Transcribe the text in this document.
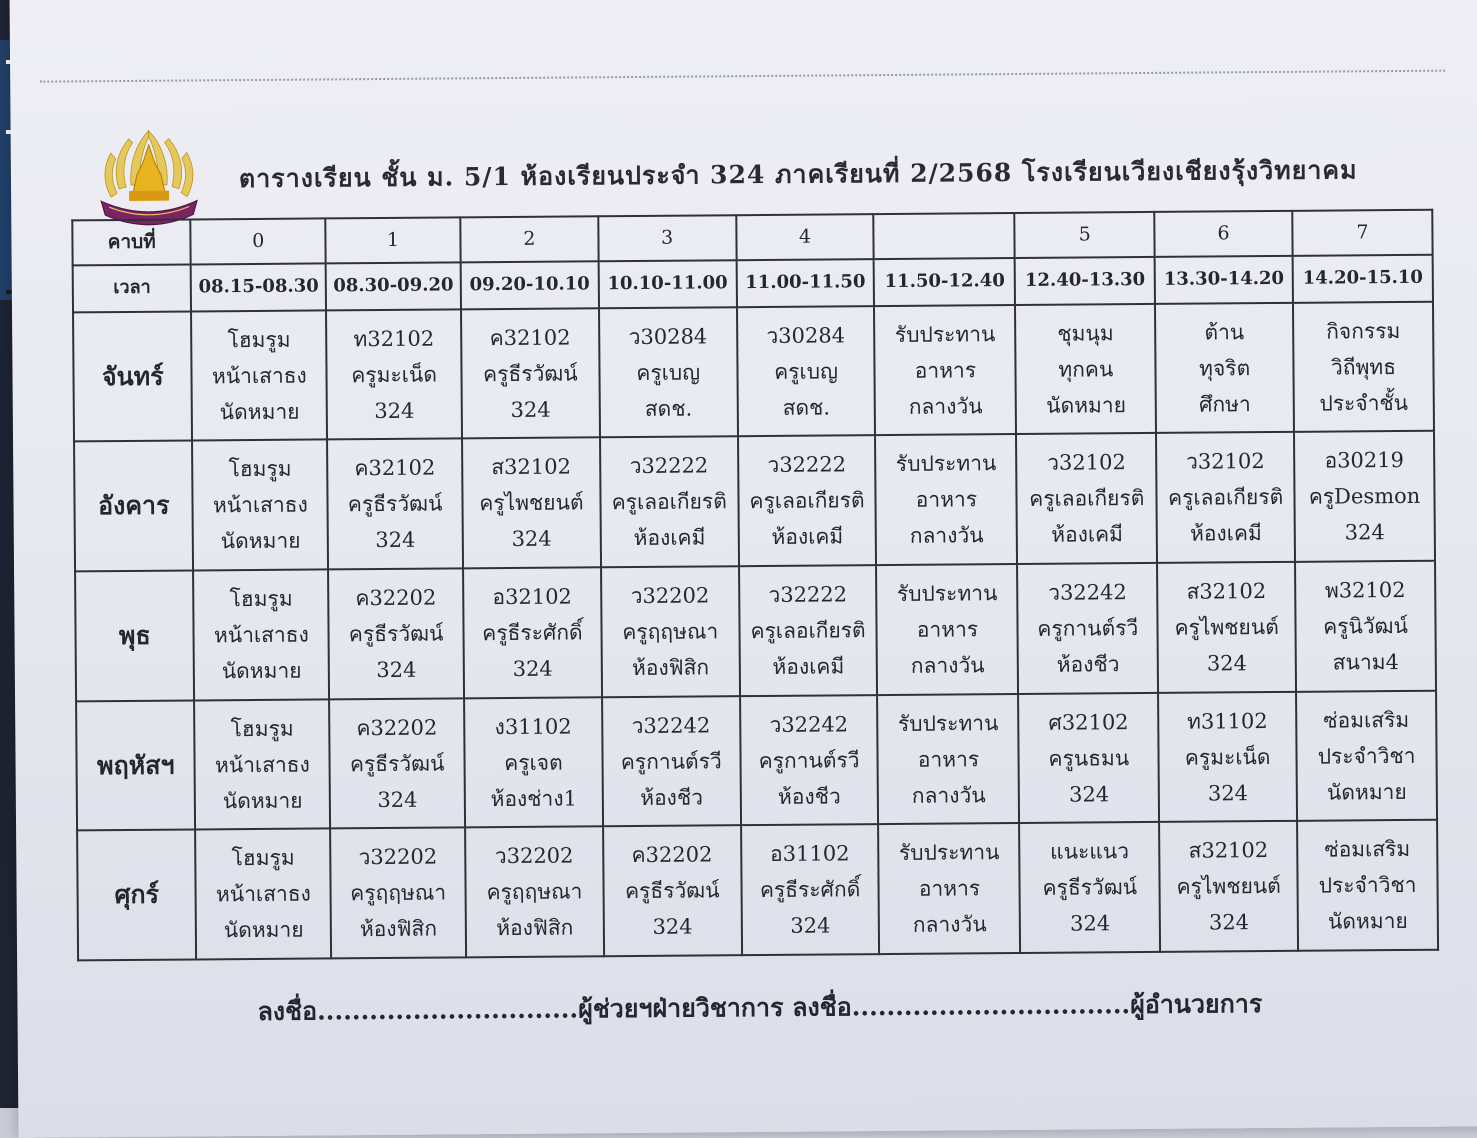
ตารางเรียน ชั้น ม. 5/1 ห้องเรียนประจำ 324 ภาคเรียนที่ 2/2568 โรงเรียนเวียงเชียงรุ้งวิทยาคม
คาบที่	0	1	2	3	4		5	6	7
เวลา	08.15-08.30	08.30-09.20	09.20-10.10	10.10-11.00	11.00-11.50	11.50-12.40	12.40-13.30	13.30-14.20	14.20-15.10
จันทร์	โฮมรูม
หน้าเสาธง
นัดหมาย	ท32102
ครูมะเน็ด
324	ค32102
ครูธีรวัฒน์
324	ว30284
ครูเบญ
สดช.	ว30284
ครูเบญ
สดช.	รับประทาน
อาหาร
กลางวัน	ชุมนุม
ทุกคน
นัดหมาย	ต้าน
ทุจริต
ศึกษา	กิจกรรม
วิถีพุทธ
ประจำชั้น

อังคาร	โฮมรูม
หน้าเสาธง
นัดหมาย	ค32102
ครูธีรวัฒน์
324	ส32102
ครูไพชยนต์
324	ว32222
ครูเลอเกียรติ
ห้องเคมี	ว32222
ครูเลอเกียรติ
ห้องเคมี	รับประทาน
อาหาร
กลางวัน	ว32102
ครูเลอเกียรติ
ห้องเคมี	ว32102
ครูเลอเกียรติ
ห้องเคมี	อ30219
ครูDesmon
324

พุธ	โฮมรูม
หน้าเสาธง
นัดหมาย	ค32202
ครูธีรวัฒน์
324	อ32102
ครูธีระศักดิ์
324	ว32202
ครูฤฤษณา
ห้องฟิสิก	ว32222
ครูเลอเกียรติ
ห้องเคมี	รับประทาน
อาหาร
กลางวัน	ว32242
ครูกานต์รวี
ห้องชีว	ส32102
ครูไพชยนต์
324	พ32102
ครูนิวัฒน์
สนาม4

พฤหัสฯ	โฮมรูม
หน้าเสาธง
นัดหมาย	ค32202
ครูธีรวัฒน์
324	ง31102
ครูเจต
ห้องช่าง1	ว32242
ครูกานต์รวี
ห้องชีว	ว32242
ครูกานต์รวี
ห้องชีว	รับประทาน
อาหาร
กลางวัน	ศ32102
ครูนธมน
324	ท31102
ครูมะเน็ด
324	ซ่อมเสริม
ประจำวิชา
นัดหมาย

ศุกร์	โฮมรูม
หน้าเสาธง
นัดหมาย	ว32202
ครูฤฤษณา
ห้องฟิสิก	ว32202
ครูฤฤษณา
ห้องฟิสิก	ค32202
ครูธีรวัฒน์
324	อ31102
ครูธีระศักดิ์
324	รับประทาน
อาหาร
กลางวัน	แนะแนว
ครูธีรวัฒน์
324	ส32102
ครูไพชยนต์
324	ซ่อมเสริม
ประจำวิชา
นัดหมาย
ลงชื่อ..............................ผู้ช่วยฯฝ่ายวิชาการ ลงชื่อ................................ผู้อำนวยการ
